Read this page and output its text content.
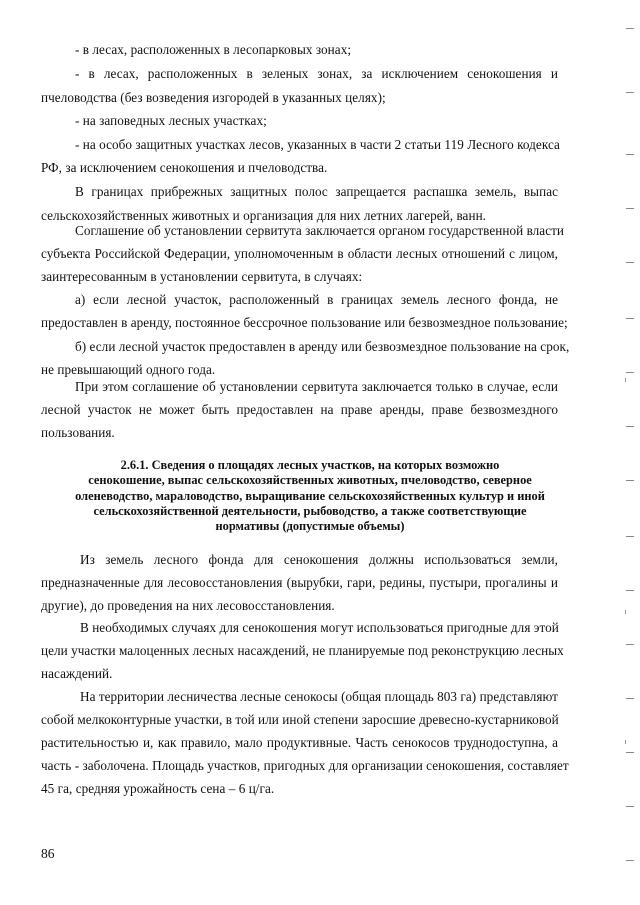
- в лесах, расположенных в лесопарковых зонах;
- в лесах, расположенных в зеленых зонах, за исключением сенокошения и
пчеловодства (без возведения изгородей в указанных целях);
- на заповедных лесных участках;
- на особо защитных участках лесов, указанных в части 2 статьи 119 Лесного кодекса
РФ, за исключением сенокошения и пчеловодства.
В границах прибрежных защитных полос запрещается распашка земель, выпас
сельскохозяйственных животных и организация для них летних лагерей, ванн.
Соглашение об установлении сервитута заключается органом государственной власти
субъекта Российской Федерации, уполномоченным в области лесных отношений с лицом,
заинтересованным в установлении сервитута, в случаях:
а) если лесной участок, расположенный в границах земель лесного фонда, не
предоставлен в аренду, постоянное бессрочное пользование или безвозмездное пользование;
б) если лесной участок предоставлен в аренду или безвозмездное пользование на срок,
не превышающий одного года.
При этом соглашение об установлении сервитута заключается только в случае, если
лесной участок не может быть предоставлен на праве аренды, праве безвозмездного
пользования.
2.6.1. Сведения о площадях лесных участков, на которых возможно
сенокошение, выпас сельскохозяйственных животных, пчеловодство, северное
оленеводство, мараловодство, выращивание сельскохозяйственных культур и иной
сельскохозяйственной деятельности, рыбоводство, а также соответствующие
нормативы (допустимые объемы)
Из земель лесного фонда для сенокошения должны использоваться земли,
предназначенные для лесовосстановления (вырубки, гари, редины, пустыри, прогалины и
другие), до проведения на них лесовосстановления.
В необходимых случаях для сенокошения могут использоваться пригодные для этой
цели участки малоценных лесных насаждений, не планируемые под реконструкцию лесных
насаждений.
На территории лесничества лесные сенокосы (общая площадь 803 га) представляют
собой мелкоконтурные участки, в той или иной степени заросшие древесно-кустарниковой
растительностью и, как правило, мало продуктивные. Часть сенокосов труднодоступна, а
часть - заболочена. Площадь участков, пригодных для организации сенокошения, составляет
45 га, средняя урожайность сена – 6 ц/га.
86
